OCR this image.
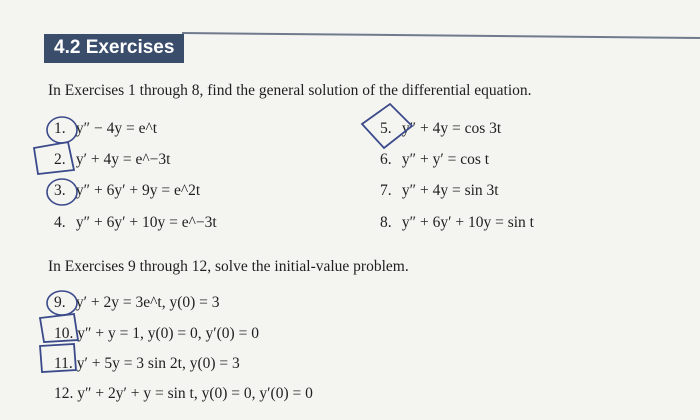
4.2 Exercises
In Exercises 1 through 8, find the general solution of the differential equation.
1. y″ − 4y = e^t
2. y′ + 4y = e^−3t
3. y″ + 6y′ + 9y = e^2t
4. y″ + 6y′ + 10y = e^−3t
5. y″ + 4y = cos 3t
6. y″ + y′ = cos t
7. y″ + 4y = sin 3t
8. y″ + 6y′ + 10y = sin t
In Exercises 9 through 12, solve the initial-value problem.
9. y′ + 2y = 3e^t, y(0) = 3
10. y″ + y = 1, y(0) = 0, y′(0) = 0
11. y′ + 5y = 3 sin 2t, y(0) = 3
12. y″ + 2y′ + y = sin t, y(0) = 0, y′(0) = 0
